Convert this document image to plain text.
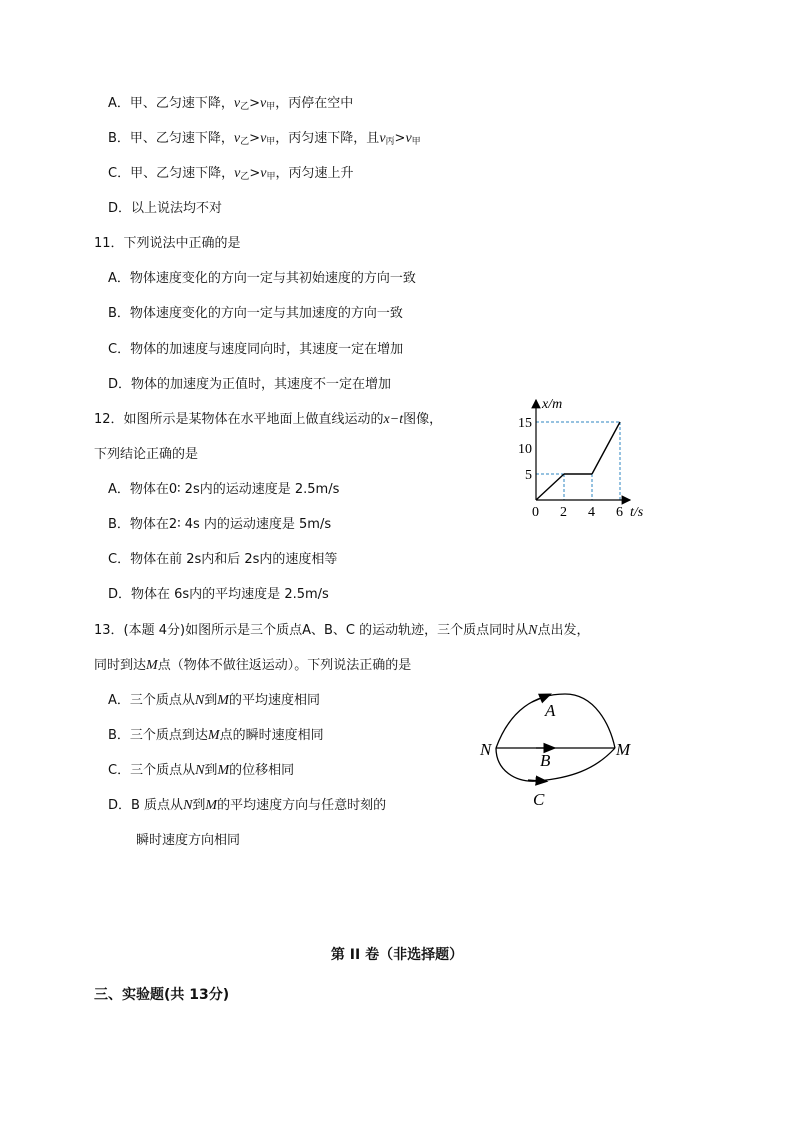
A．甲、乙匀速下降，$v_乙>v_甲$，丙停在空中
B．甲、乙匀速下降，$v_乙>v_甲$，丙匀速下降，且$v_丙>v_甲$
C．甲、乙匀速下降，$v_乙>v_甲$，丙匀速上升
D．以上说法均不对
11．下列说法中正确的是
A．物体速度变化的方向一定与其初始速度的方向一致
B．物体速度变化的方向一定与其加速度的方向一致
C．物体的加速度与速度同向时，其速度一定在增加
D．物体的加速度为正值时，其速度不一定在增加
12．如图所示是某物体在水平地面上做直线运动的x−t图像，
下列结论正确的是
A．物体在0∶ 2s内的运动速度是 2.5m/s
B．物体在2∶ 4s 内的运动速度是 5m/s
C．物体在前 2s内和后 2s内的速度相等
D．物体在 6s内的平均速度是 2.5m/s
0 2 4 6
5
10
15
x/m
t/s
13．(本题 4分)如图所示是三个质点A、B、C 的运动轨迹，三个质点同时从N点出发，
同时到达M点（物体不做往返运动）。下列说法正确的是
A．三个质点从N到M的平均速度相同
B．三个质点到达M点的瞬时速度相同
C．三个质点从N到M的位移相同
D．B 质点从N到M的平均速度方向与任意时刻的
瞬时速度方向相同
A
B
C
N	M
第 II 卷（非选择题）
三、实验题(共 13分)
